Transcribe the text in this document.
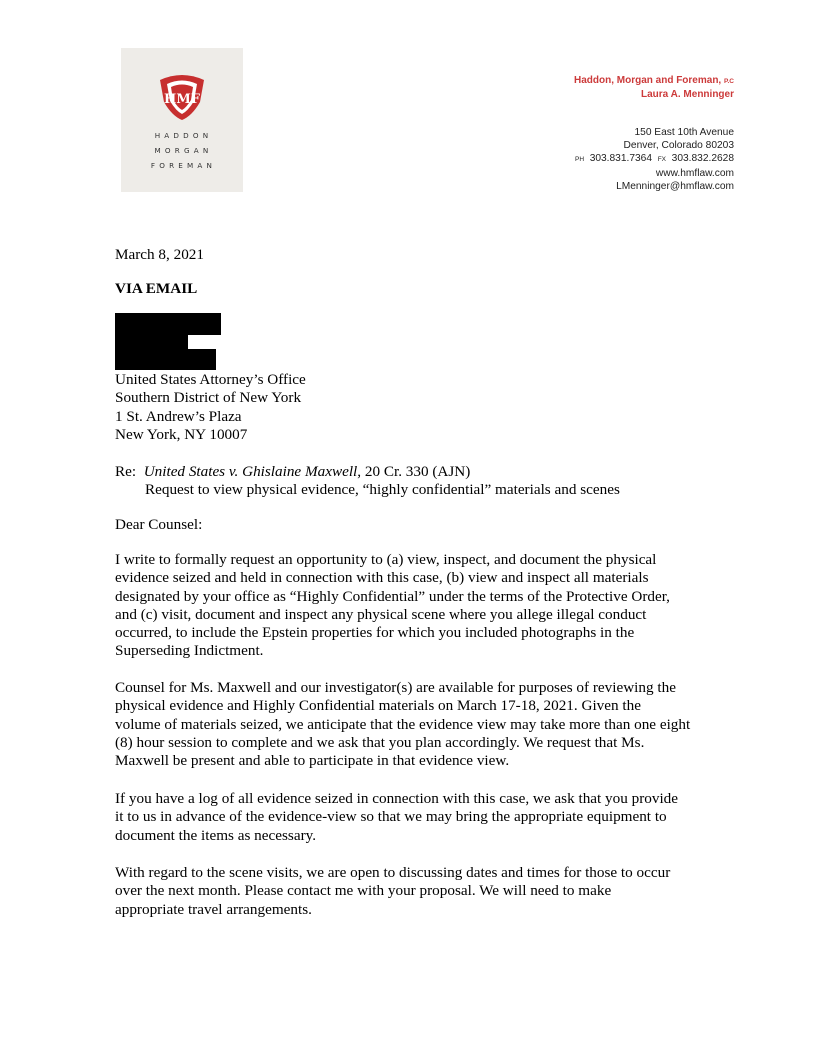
HMF
HADDON
MORGAN
FOREMAN
Haddon, Morgan and Foreman, P.C
Laura A. Menninger
150 East 10th Avenue
Denver, Colorado 80203
PH 303.831.7364 FX 303.832.2628
www.hmflaw.com
LMenninger@hmflaw.com
March 8, 2021
VIA EMAIL
United States Attorney’s Office
Southern District of New York
1 St. Andrew’s Plaza
New York, NY 10007
Re: United States v. Ghislaine Maxwell, 20 Cr. 330 (AJN)
Request to view physical evidence, “highly confidential” materials and scenes
Dear Counsel:

I write to formally request an opportunity to (a) view, inspect, and document the physical
evidence seized and held in connection with this case, (b) view and inspect all materials
designated by your office as “Highly Confidential” under the terms of the Protective Order,
and (c) visit, document and inspect any physical scene where you allege illegal conduct
occurred, to include the Epstein properties for which you included photographs in the
Superseding Indictment.

Counsel for Ms. Maxwell and our investigator(s) are available for purposes of reviewing the
physical evidence and Highly Confidential materials on March 17-18, 2021. Given the
volume of materials seized, we anticipate that the evidence view may take more than one eight
(8) hour session to complete and we ask that you plan accordingly. We request that Ms.
Maxwell be present and able to participate in that evidence view.

If you have a log of all evidence seized in connection with this case, we ask that you provide
it to us in advance of the evidence-view so that we may bring the appropriate equipment to
document the items as necessary.

With regard to the scene visits, we are open to discussing dates and times for those to occur
over the next month. Please contact me with your proposal. We will need to make
appropriate travel arrangements.
